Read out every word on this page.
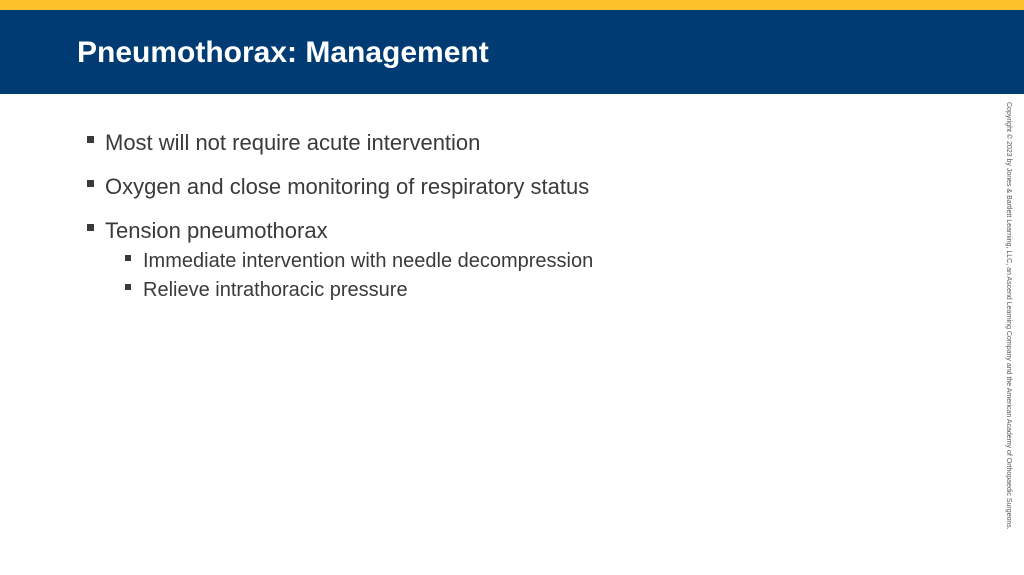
Pneumothorax: Management
Most will not require acute intervention
Oxygen and close monitoring of respiratory status
Tension pneumothorax
Immediate intervention with needle decompression
Relieve intrathoracic pressure	Copyright © 2023 by Jones & Bartlett Learning, LLC, an Ascend Learning Company and the American Academy of Orthopaedic Surgeons.
